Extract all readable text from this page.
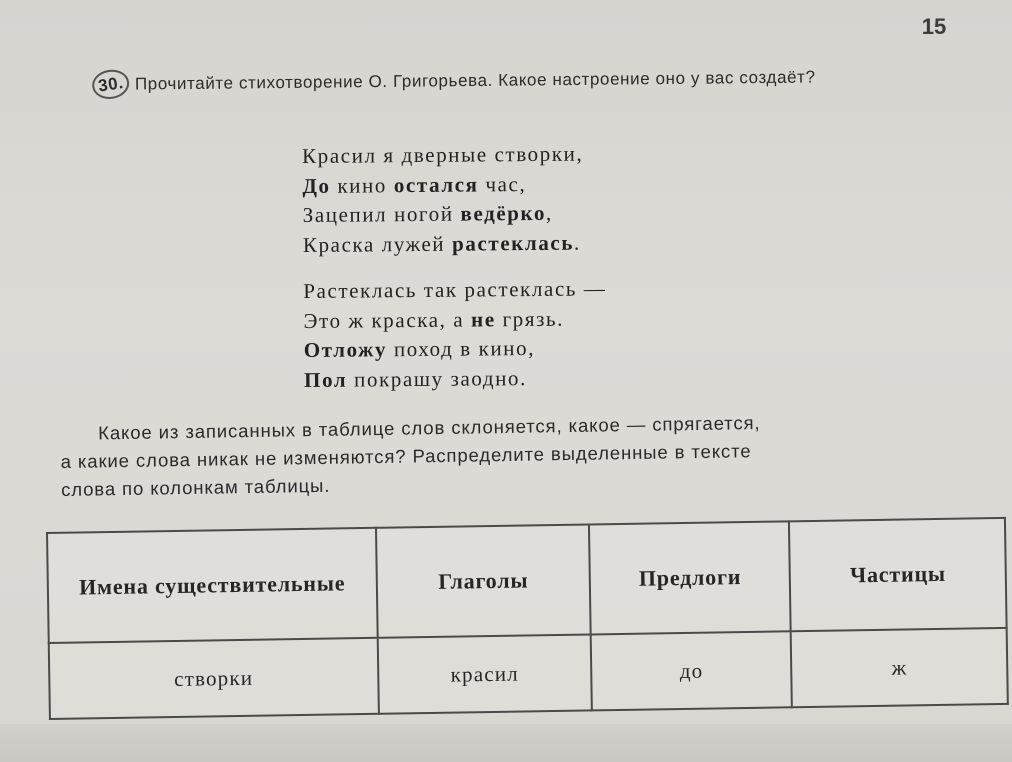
15
30. Прочитайте стихотворение О. Григорьева. Какое настроение оно у вас создаёт?
Красил я дверные створки,
До кино остался час,
Зацепил ногой ведёрко,
Краска лужей растеклась.
Растеклась так растеклась —
Это ж краска, а не грязь.
Отложу поход в кино,
Пол покрашу заодно.
Какое из записанных в таблице слов склоняется, какое — спрягается,
а какие слова никак не изменяются? Распределите выделенные в тексте
слова по колонкам таблицы.
Имена существительные	Глаголы	Предлоги	Частицы
створки	красил	до	ж
